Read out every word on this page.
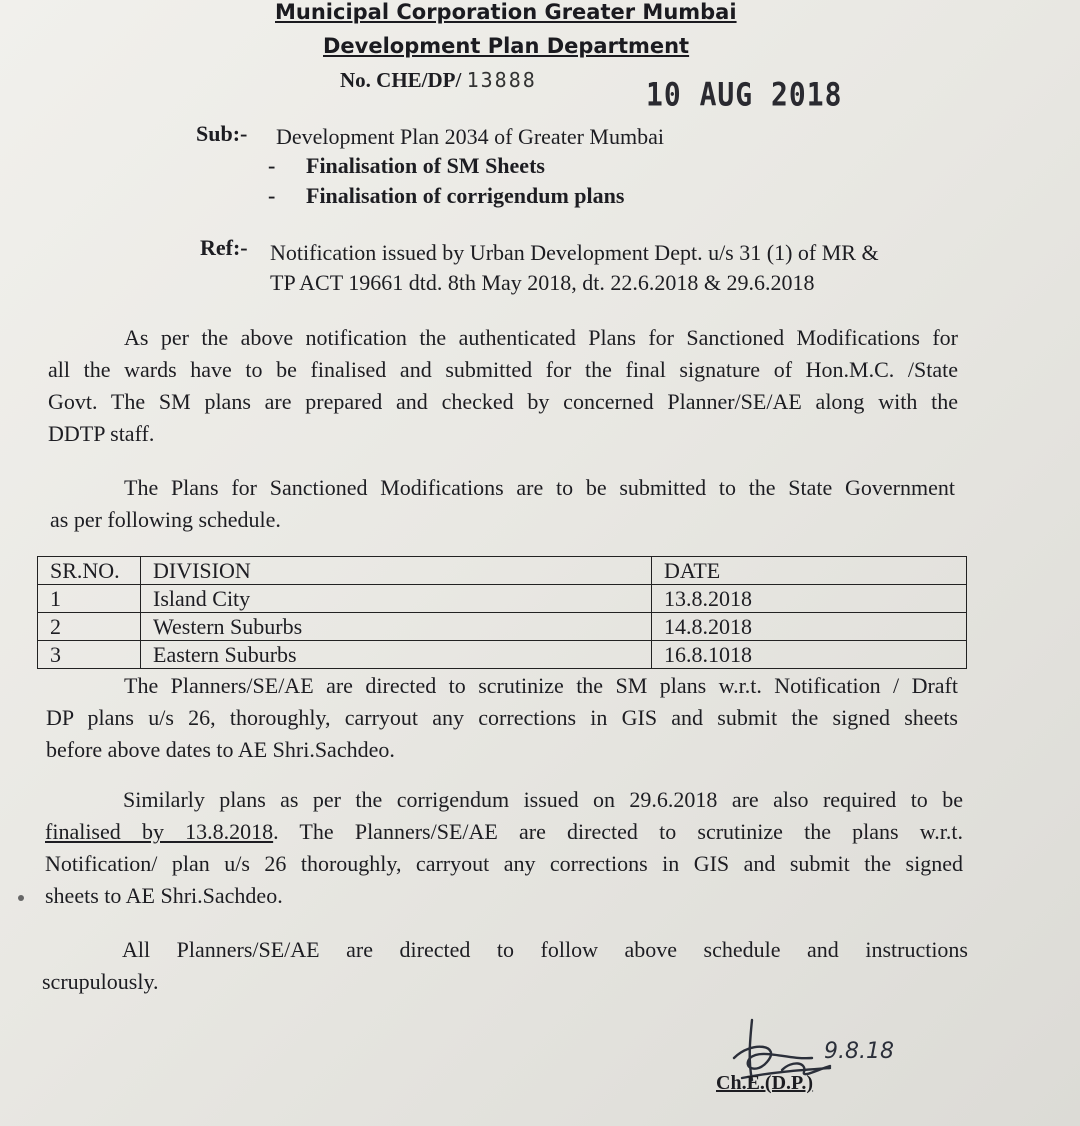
Municipal Corporation Greater Mumbai
Development Plan Department
No. CHE/DP/ 13888	10 AUG 2018
Sub:- Development Plan 2034 of Greater Mumbai
- Finalisation of SM Sheets
- Finalisation of corrigendum plans
Ref:- Notification issued by Urban Development Dept. u/s 31 (1) of MR &
TP ACT 19661 dtd. 8th May 2018, dt. 22.6.2018 & 29.6.2018
As per the above notification the authenticated Plans for Sanctioned Modifications for
all the wards have to be finalised and submitted for the final signature of Hon.M.C. /State
Govt. The SM plans are prepared and checked by concerned Planner/SE/AE along with the
DDTP staff.
The Plans for Sanctioned Modifications are to be submitted to the State Government
as per following schedule.
SR.NO.	DIVISION	DATE
1	Island City	13.8.2018
2	Western Suburbs	14.8.2018
3	Eastern Suburbs	16.8.1018
The Planners/SE/AE are directed to scrutinize the SM plans w.r.t. Notification / Draft
DP plans u/s 26, thoroughly, carryout any corrections in GIS and submit the signed sheets
before above dates to AE Shri.Sachdeo.
Similarly plans as per the corrigendum issued on 29.6.2018 are also required to be
finalised by 13.8.2018. The Planners/SE/AE are directed to scrutinize the plans w.r.t.
Notification/ plan u/s 26 thoroughly, carryout any corrections in GIS and submit the signed
sheets to AE Shri.Sachdeo.
All Planners/SE/AE are directed to follow above schedule and instructions
scrupulously.
9.8.18
Ch.E.(D.P.)
